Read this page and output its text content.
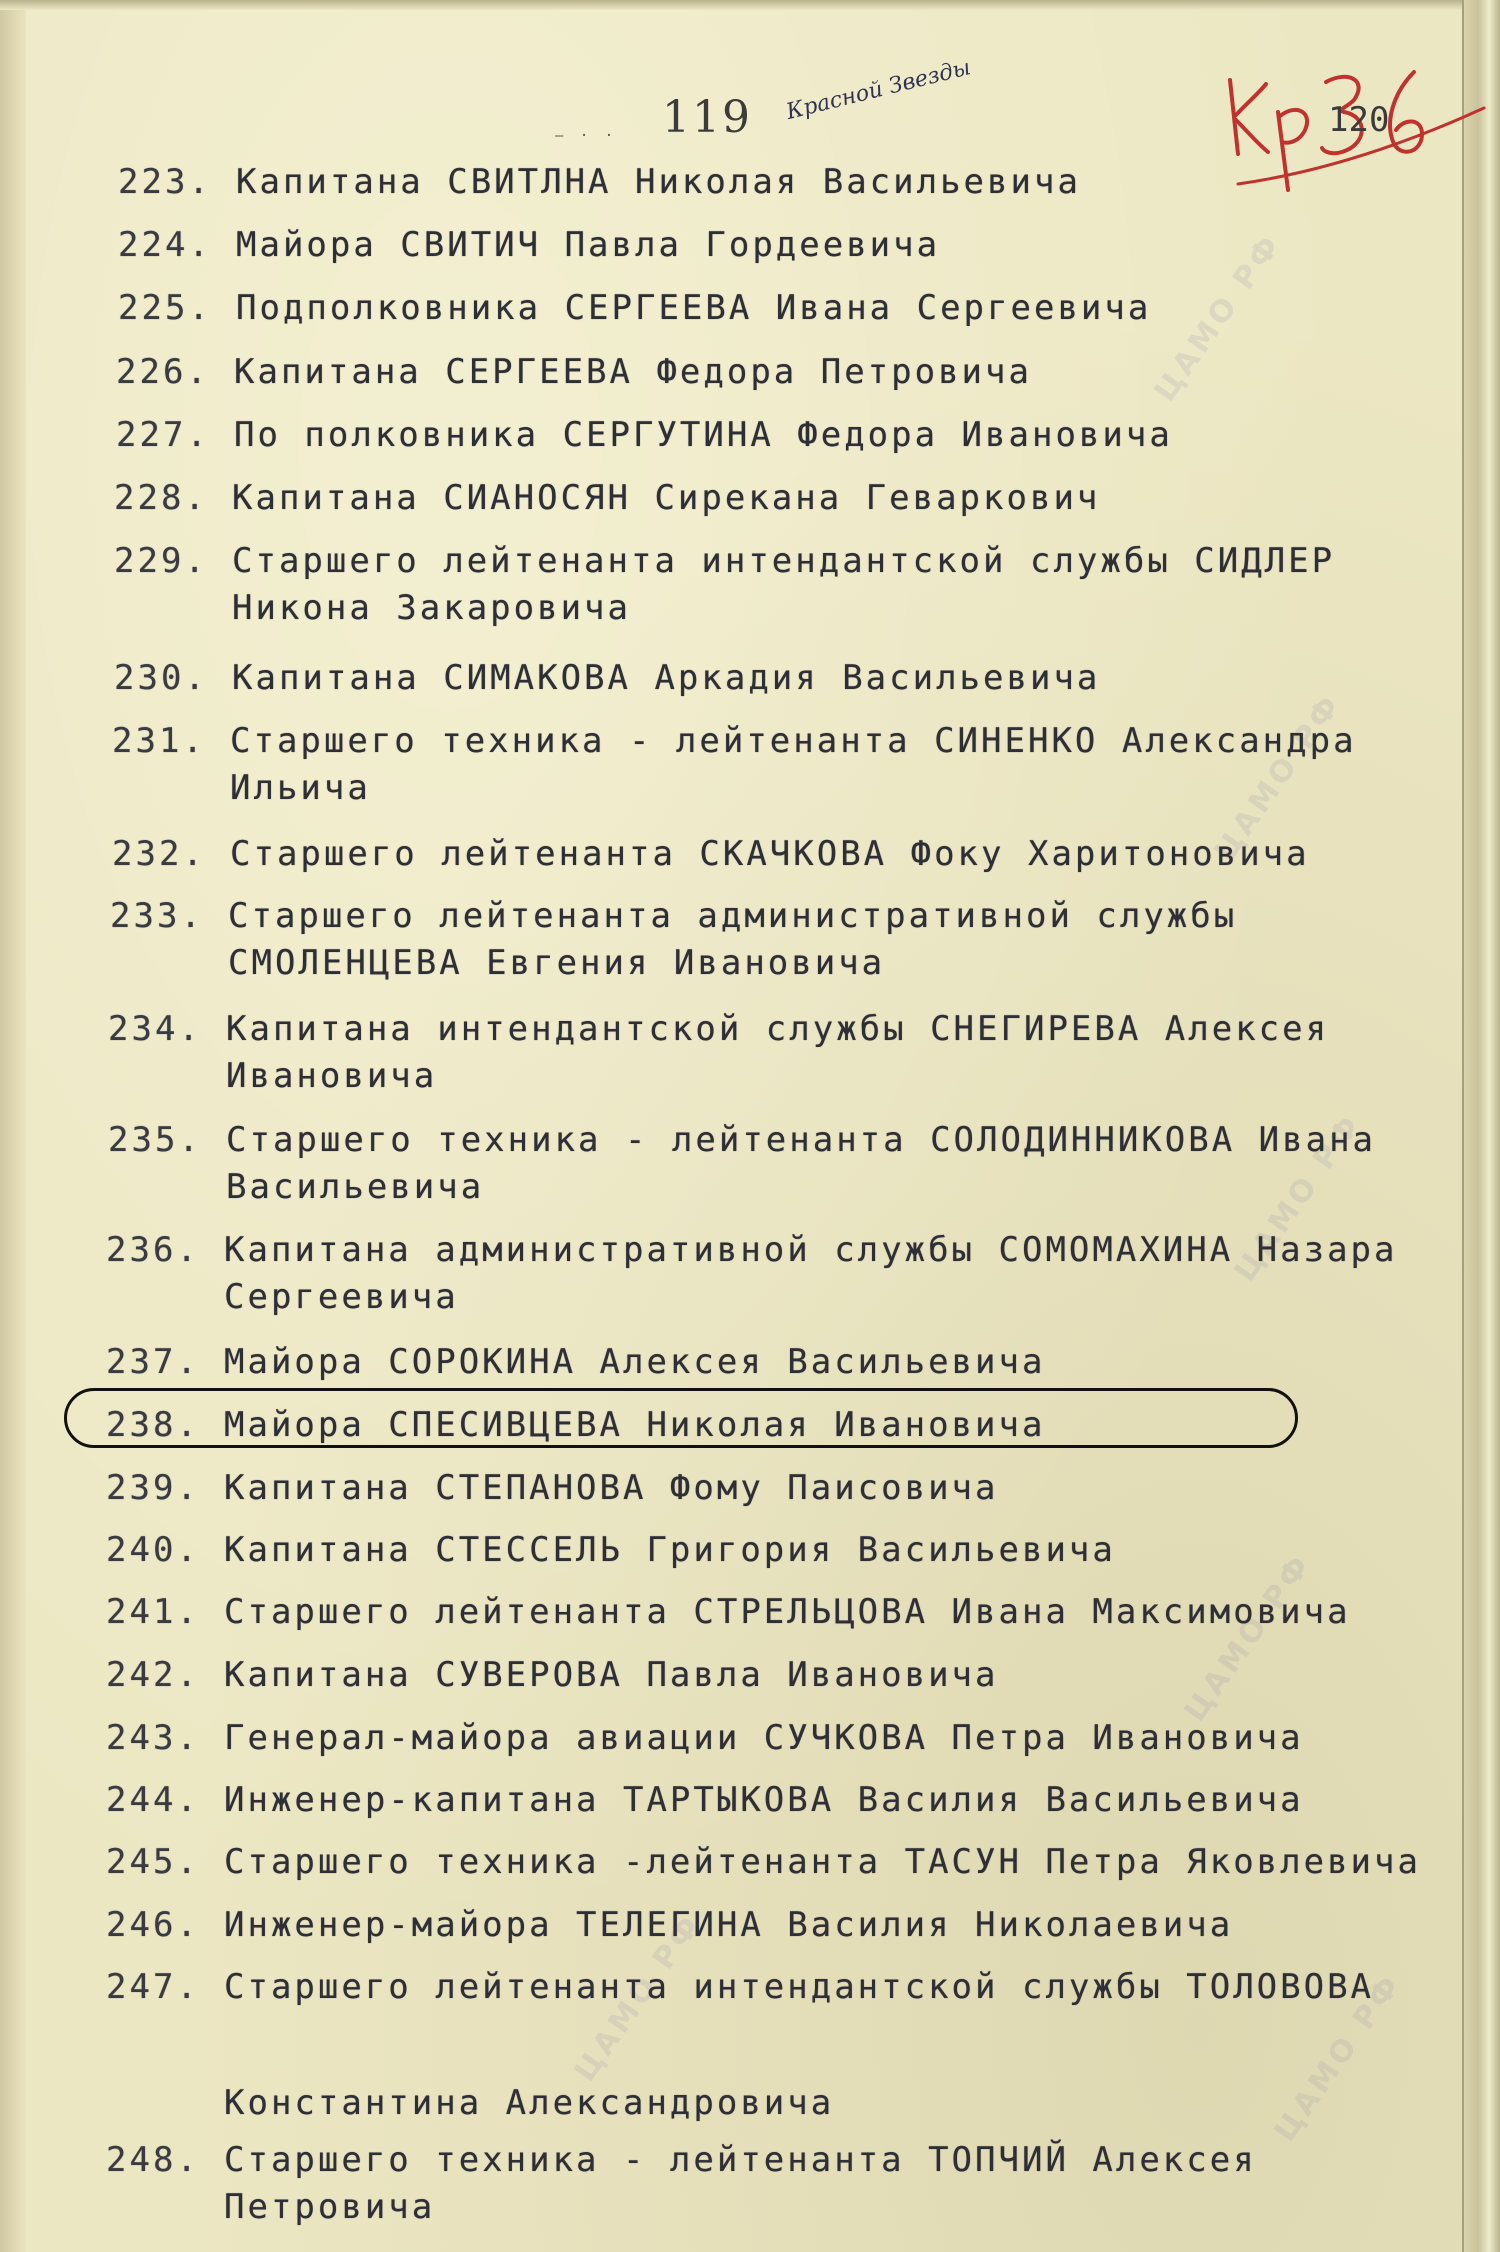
ЦАМО РФ
ЦАМО РФ
ЦАМО РФ
ЦАМО РФ
ЦАМО РФ
ЦАМО РФ
119 Красной Звезды
– · ·	120
223. Капитана СВИТЛНА Николая Васильевича
224. Майора СВИТИЧ Павла Гордеевича
225. Подполковника СЕРГЕЕВА Ивана Сергеевича
226. Капитана СЕРГЕЕВА Федора Петровича
227. По полковника СЕРГУТИНА Федора Ивановича
228. Капитана СИАНОСЯН Сирекана Геваркович
229. Старшего лейтенанта интендантской службы СИДЛЕР
Никона Закаровича
230. Капитана СИМАКОВА Аркадия Васильевича
231. Старшего техника - лейтенанта СИНЕНКО Александра
Ильича
232. Старшего лейтенанта СКАЧКОВА Фоку Харитоновича
233. Старшего лейтенанта административной службы
СМОЛЕНЦЕВА Евгения Ивановича
234. Капитана интендантской службы СНЕГИРЕВА Алексея
Ивановича
235. Старшего техника - лейтенанта СОЛОДИННИКОВА Ивана
Васильевича
236. Капитана административной службы СОМОМАХИНА Назара
Сергеевича
237. Майора СОРОКИНА Алексея Васильевича
238. Майора СПЕСИВЦЕВА Николая Ивановича
239. Капитана СТЕПАНОВА Фому Паисовича
240. Капитана СТЕССЕЛЬ Григория Васильевича
241. Старшего лейтенанта СТРЕЛЬЦОВА Ивана Максимовича
242. Капитана СУВЕРОВА Павла Ивановича
243. Генерал-майора авиации СУЧКОВА Петра Ивановича
244. Инженер-капитана ТАРТЫКОВА Василия Васильевича
245. Старшего техника -лейтенанта ТАСУН Петра Яковлевича
246. Инженер-майора ТЕЛЕГИНА Василия Николаевича
247. Старшего лейтенанта интендантской службы ТОЛОВОВА
Константина Александровича
248. Старшего техника - лейтенанта ТОПЧИЙ Алексея
Петровича
